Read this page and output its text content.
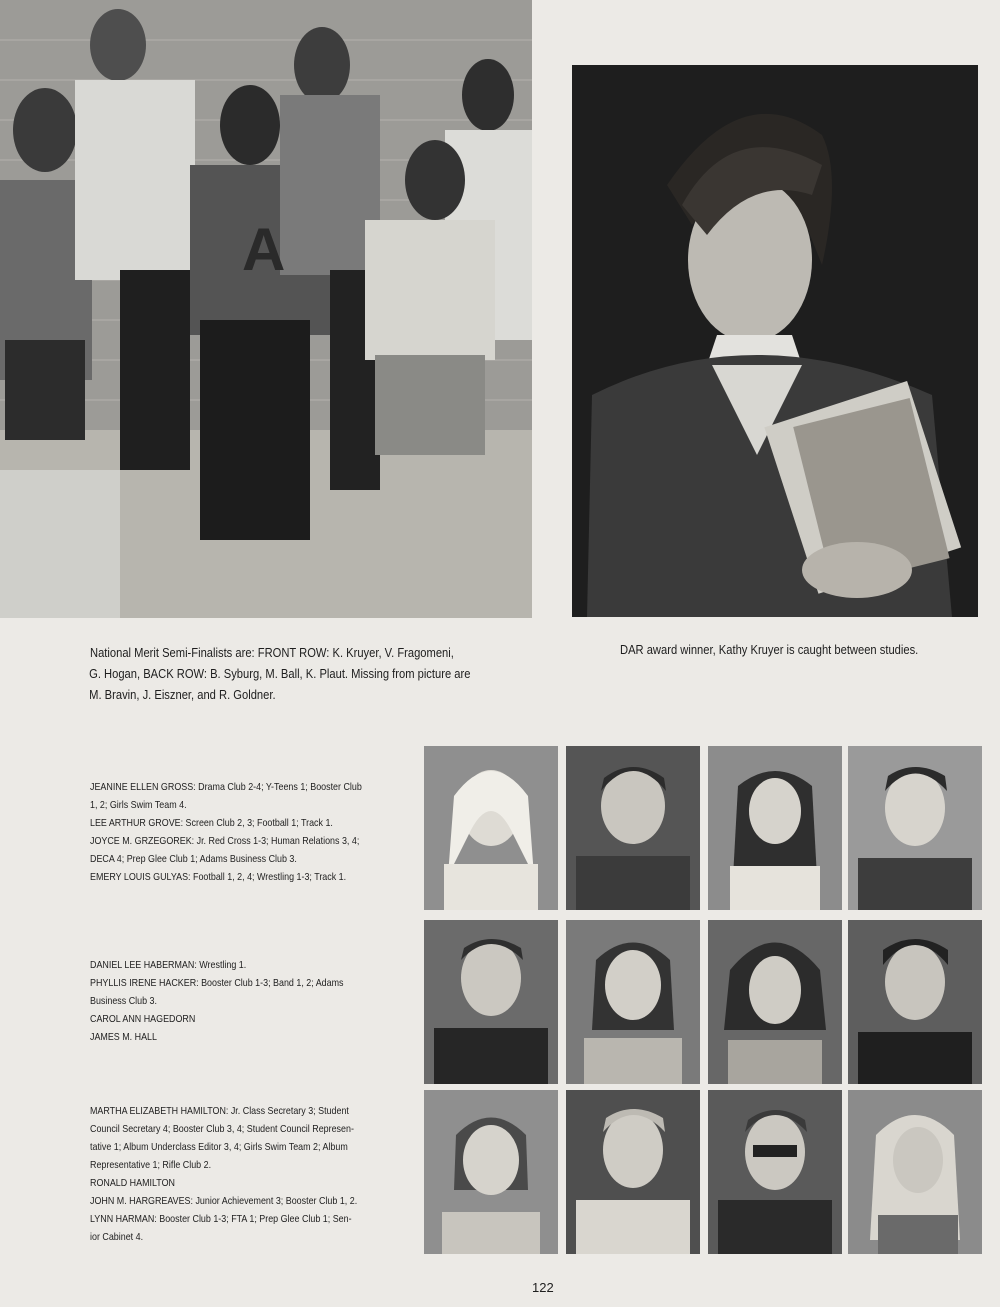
A

National Merit Semi-Finalists are: FRONT ROW: K. Kruyer, V. Fragomeni,

G. Hogan, BACK ROW: B. Syburg, M. Ball, K. Plaut. Missing from picture are

M. Bravin, J. Eiszner, and R. Goldner.

DAR award winner, Kathy Kruyer is caught between studies.

JEANINE ELLEN GROSS: Drama Club 2-4; Y-Teens 1; Booster Club

1, 2; Girls Swim Team 4.

LEE ARTHUR GROVE: Screen Club 2, 3; Football 1; Track 1.

JOYCE M. GRZEGOREK: Jr. Red Cross 1-3; Human Relations 3, 4;

DECA 4; Prep Glee Club 1; Adams Business Club 3.

EMERY LOUIS GULYAS: Football 1, 2, 4; Wrestling 1-3; Track 1.

DANIEL LEE HABERMAN: Wrestling 1.

PHYLLIS IRENE HACKER: Booster Club 1-3; Band 1, 2; Adams

Business Club 3.

CAROL ANN HAGEDORN

JAMES M. HALL

MARTHA ELIZABETH HAMILTON: Jr. Class Secretary 3; Student

Council Secretary 4; Booster Club 3, 4; Student Council Represen-

tative 1; Album Underclass Editor 3, 4; Girls Swim Team 2; Album

Representative 1; Rifle Club 2.

RONALD HAMILTON

JOHN M. HARGREAVES: Junior Achievement 3; Booster Club 1, 2.

LYNN HARMAN: Booster Club 1-3; FTA 1; Prep Glee Club 1; Sen-

ior Cabinet 4.

122
